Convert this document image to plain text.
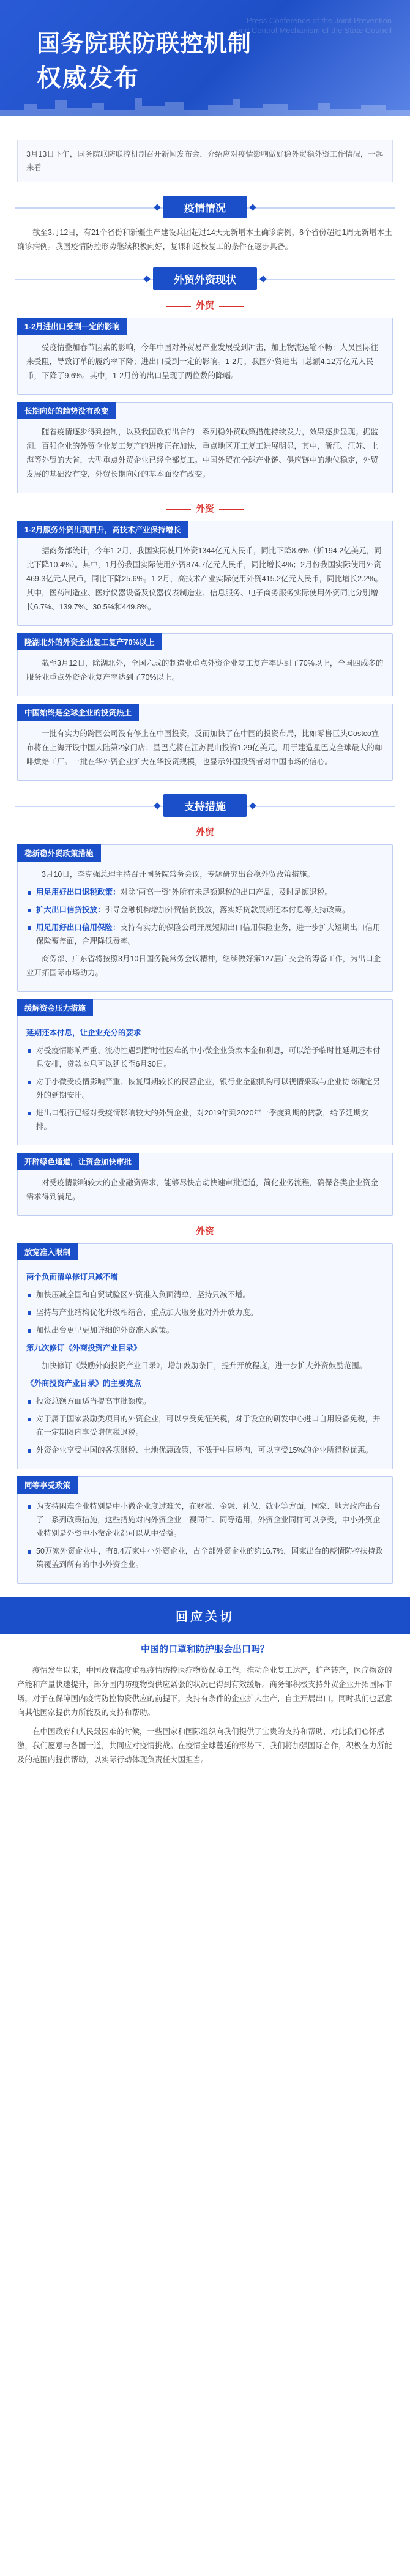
Press Conference of the Joint Prevention and Control Mechanism of the State Council
国务院联防联控机制
权威发布
3月13日下午，国务院联防联控机制召开新闻发布会，介绍应对疫情影响做好稳外贸稳外资工作情况，一起来看——
疫情情况

截至3月12日，有21个省份和新疆生产建设兵团超过14天无新增本土确诊病例，6个省份超过1周无新增本土确诊病例。我国疫情防控形势继续积极向好，复课和返校复工的条件在逐步具备。

外贸外资现状
外贸
1-2月进出口受到一定的影响

受疫情叠加春节因素的影响，今年中国对外贸易产业发展受到冲击，加上物流运输不畅：人员国际往来受阻，导致订单的履约率下降；进出口受到一定的影响。1-2月，我国外贸进出口总额4.12万亿元人民币，下降了9.6%。其中，1-2月份的出口呈现了两位数的降幅。

长期向好的趋势没有改变

随着疫情逐步得到控制，以及我国政府出台的一系列稳外贸政策措施持续发力，效果逐步显现。据监测，百强企业的外贸企业复工复产的进度正在加快，重点地区开工复工进展明显，其中，浙江、江苏、上海等外贸的大省，大型重点外贸企业已经全部复工。中国外贸在全球产业链、供应链中的地位稳定，外贸发展的基础没有变，外贸长期向好的基本面没有改变。

外资
1-2月服务外资出现回升，高技术产业保持增长

据商务部统计，今年1-2月，我国实际使用外资1344亿元人民币，同比下降8.6%（折194.2亿美元，同比下降10.4%）。其中，1月份我国实际使用外资874.7亿元人民币，同比增长4%；2月份我国实际使用外资469.3亿元人民币，同比下降25.6%。1-2月，高技术产业实际使用外资415.2亿元人民币，同比增长2.2%。其中，医药制造业、医疗仪器设备及仪器仪表制造业、信息服务、电子商务服务实际使用外资同比分别增长6.7%、139.7%、30.5%和449.8%。

隆湖北外的外资企业复工复产70%以上

截至3月12日，除湖北外，全国六成的制造业重点外资企业复工复产率达到了70%以上，全国四成多的服务业重点外资企业复产率达到了70%以上。

中国始终是全球企业的投资热土

一批有实力的跨国公司没有停止在中国投资，反而加快了在中国的投资布局，比如零售巨头Costco宣布将在上海开设中国大陆第2家门店；星巴克将在江苏昆山投资1.29亿美元，用于建造星巴克全球最大的咖啡烘焙工厂。一批在华外资企业扩大在华投资规模，也显示外国投资者对中国市场的信心。

支持措施
外贸
稳新稳外贸政策措施

3月10日，李克强总理主持召开国务院常务会议，专题研究出台稳外贸政策措施。

用足用好出口退税政策：对除"两高一资"外所有未足额退税的出口产品，及时足额退税。
扩大出口信贷投放：引导金融机构增加外贸信贷投放，落实好贷款展期还本付息等支持政策。
用足用好出口信用保险：支持有实力的保险公司开展短期出口信用保险业务，进一步扩大短期出口信用保险覆盖面，合理降低费率。

商务部、广东省将按照3月10日国务院常务会议精神，继续做好第127届广交会的筹备工作，为出口企业开拓国际市场助力。

缓解资金压力措施
延期还本付息，让企业充分的要求
对受疫情影响严重、流动性遇到暂时性困难的中小微企业贷款本金和利息，可以给予临时性延期还本付息安排，贷款本息可以延长至6月30日。
对于小微受疫情影响严重、恢复周期较长的民营企业，银行业金融机构可以视情采取与企业协商确定另外的延期安排。
进出口银行已经对受疫情影响较大的外贸企业，对2019年到2020年一季度到期的贷款，给予延期安排。
开辟绿色通道，让资金加快审批

对受疫情影响较大的企业融资需求，能够尽快启动快速审批通道，简化业务流程，确保各类企业资金需求得到满足。

外资
放宽准入限制
两个负面清单修订只减不增
加快压减全国和自贸试验区外资准入负面清单，坚持只减不增。
坚持与产业结构优化升级相结合，重点加大服务业对外开放力度。
加快出台更早更加详细的外资准入政策。
第九次修订《外商投资产业目录》

加快修订《鼓励外商投资产业目录》，增加鼓励条目，提升开放程度，进一步扩大外资鼓励范围。

《外商投资产业目录》的主要亮点
投资总额方面适当提高审批额度。
对于属于国家鼓励类项目的外资企业，可以享受免征关税，对于设立的研发中心进口自用设备免税，并在一定期限内享受增值税退税。
外资企业享受中国的各项财税、土地优惠政策，不低于中国境内，可以享受15%的企业所得税优惠。
同等享受政策
为支持困难企业特别是中小微企业度过难关，在财税、金融、社保、就业等方面，国家、地方政府出台了一系列政策措施，这些措施对内外资企业一视同仁、同等适用，外资企业同样可以享受，中小外资企业特别是外资中小微企业都可以从中受益。
50万家外资企业中，有8.4万家中小外资企业，占全部外资企业的约16.7%，国家出台的疫情防控扶持政策覆盖到所有的中小外资企业。
回应关切
中国的口罩和防护服会出口吗？

疫情发生以来，中国政府高度重视疫情防控医疗物资保障工作，推动企业复工达产，扩产转产，医疗物资的产能和产量快速提升，部分国内防疫物资供应紧张的状况已得到有效缓解。商务部积极支持外贸企业开拓国际市场，对于在保障国内疫情防控物资供应的前提下，支持有条件的企业扩大生产，自主开展出口，同时我们也愿意向其他国家提供力所能及的支持和帮助。

在中国政府和人民最困难的时候，一些国家和国际组织向我们提供了宝贵的支持和帮助，对此我们心怀感激，我们愿意与各国一道，共同应对疫情挑战。在疫情全球蔓延的形势下，我们将加强国际合作，积极在力所能及的范围内提供帮助，以实际行动体现负责任大国担当。
